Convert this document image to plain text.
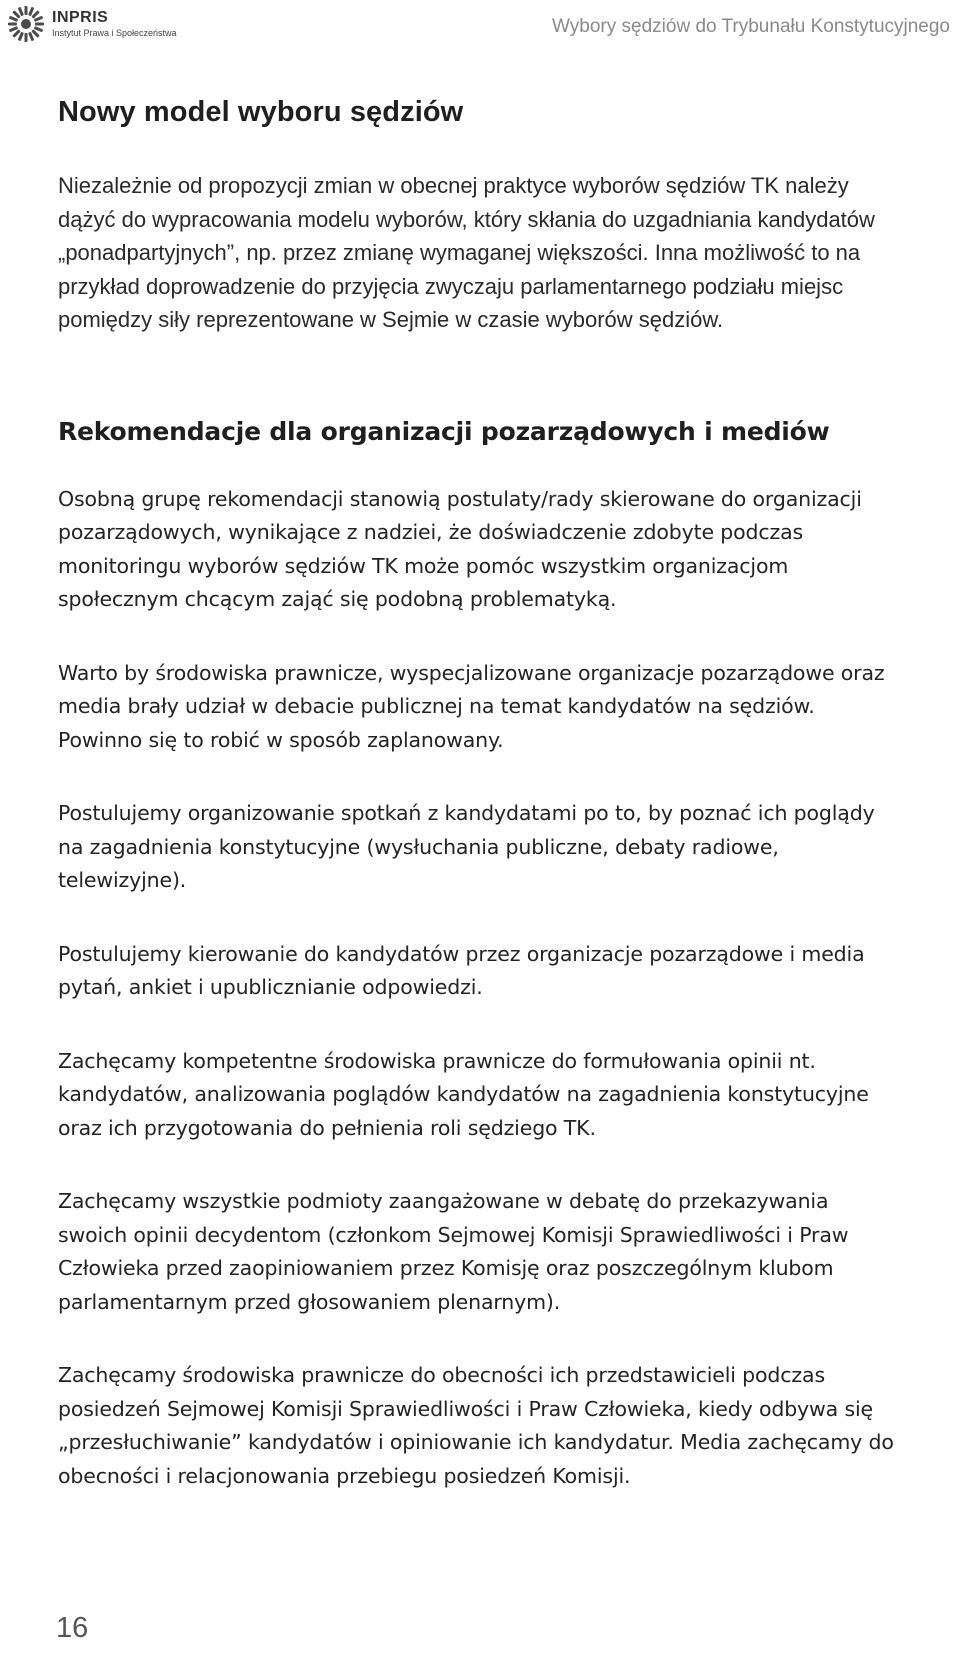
INPRIS
Instytut Prawa i Społeczeństwa	Wybory sędziów do Trybunału Konstytucyjnego
Nowy model wyboru sędziów

Niezależnie od propozycji zmian w obecnej praktyce wyborów sędziów TK należy dążyć do wypracowania modelu wyborów, który skłania do uzgadniania kandydatów „ponadpartyjnych”, np. przez zmianę wymaganej większości. Inna możliwość to na przykład doprowadzenie do przyjęcia zwyczaju parlamentarnego podziału miejsc pomiędzy siły reprezentowane w Sejmie w czasie wyborów sędziów.

Rekomendacje dla organizacji pozarządowych i mediów

Osobną grupę rekomendacji stanowią postulaty/rady skierowane do organizacji pozarządowych, wynikające z nadziei, że doświadczenie zdobyte podczas monitoringu wyborów sędziów TK może pomóc wszystkim organizacjom społecznym chcącym zająć się podobną problematyką.

Warto by środowiska prawnicze, wyspecjalizowane organizacje pozarządowe oraz media brały udział w debacie publicznej na temat kandydatów na sędziów. Powinno się to robić w sposób zaplanowany.

Postulujemy organizowanie spotkań z kandydatami po to, by poznać ich poglądy na zagadnienia konstytucyjne (wysłuchania publiczne, debaty radiowe, telewizyjne).

Postulujemy kierowanie do kandydatów przez organizacje pozarządowe i media pytań, ankiet i upublicznianie odpowiedzi.

Zachęcamy kompetentne środowiska prawnicze do formułowania opinii nt. kandydatów, analizowania poglądów kandydatów na zagadnienia konstytucyjne oraz ich przygotowania do pełnienia roli sędziego TK.

Zachęcamy wszystkie podmioty zaangażowane w debatę do przekazywania swoich opinii decydentom (członkom Sejmowej Komisji Sprawiedliwości i Praw Człowieka przed zaopiniowaniem przez Komisję oraz poszczególnym klubom parlamentarnym przed głosowaniem plenarnym).

Zachęcamy środowiska prawnicze do obecności ich przedstawicieli podczas posiedzeń Sejmowej Komisji Sprawiedliwości i Praw Człowieka, kiedy odbywa się „przesłuchiwanie” kandydatów i opiniowanie ich kandydatur. Media zachęcamy do obecności i relacjonowania przebiegu posiedzeń Komisji.

16
